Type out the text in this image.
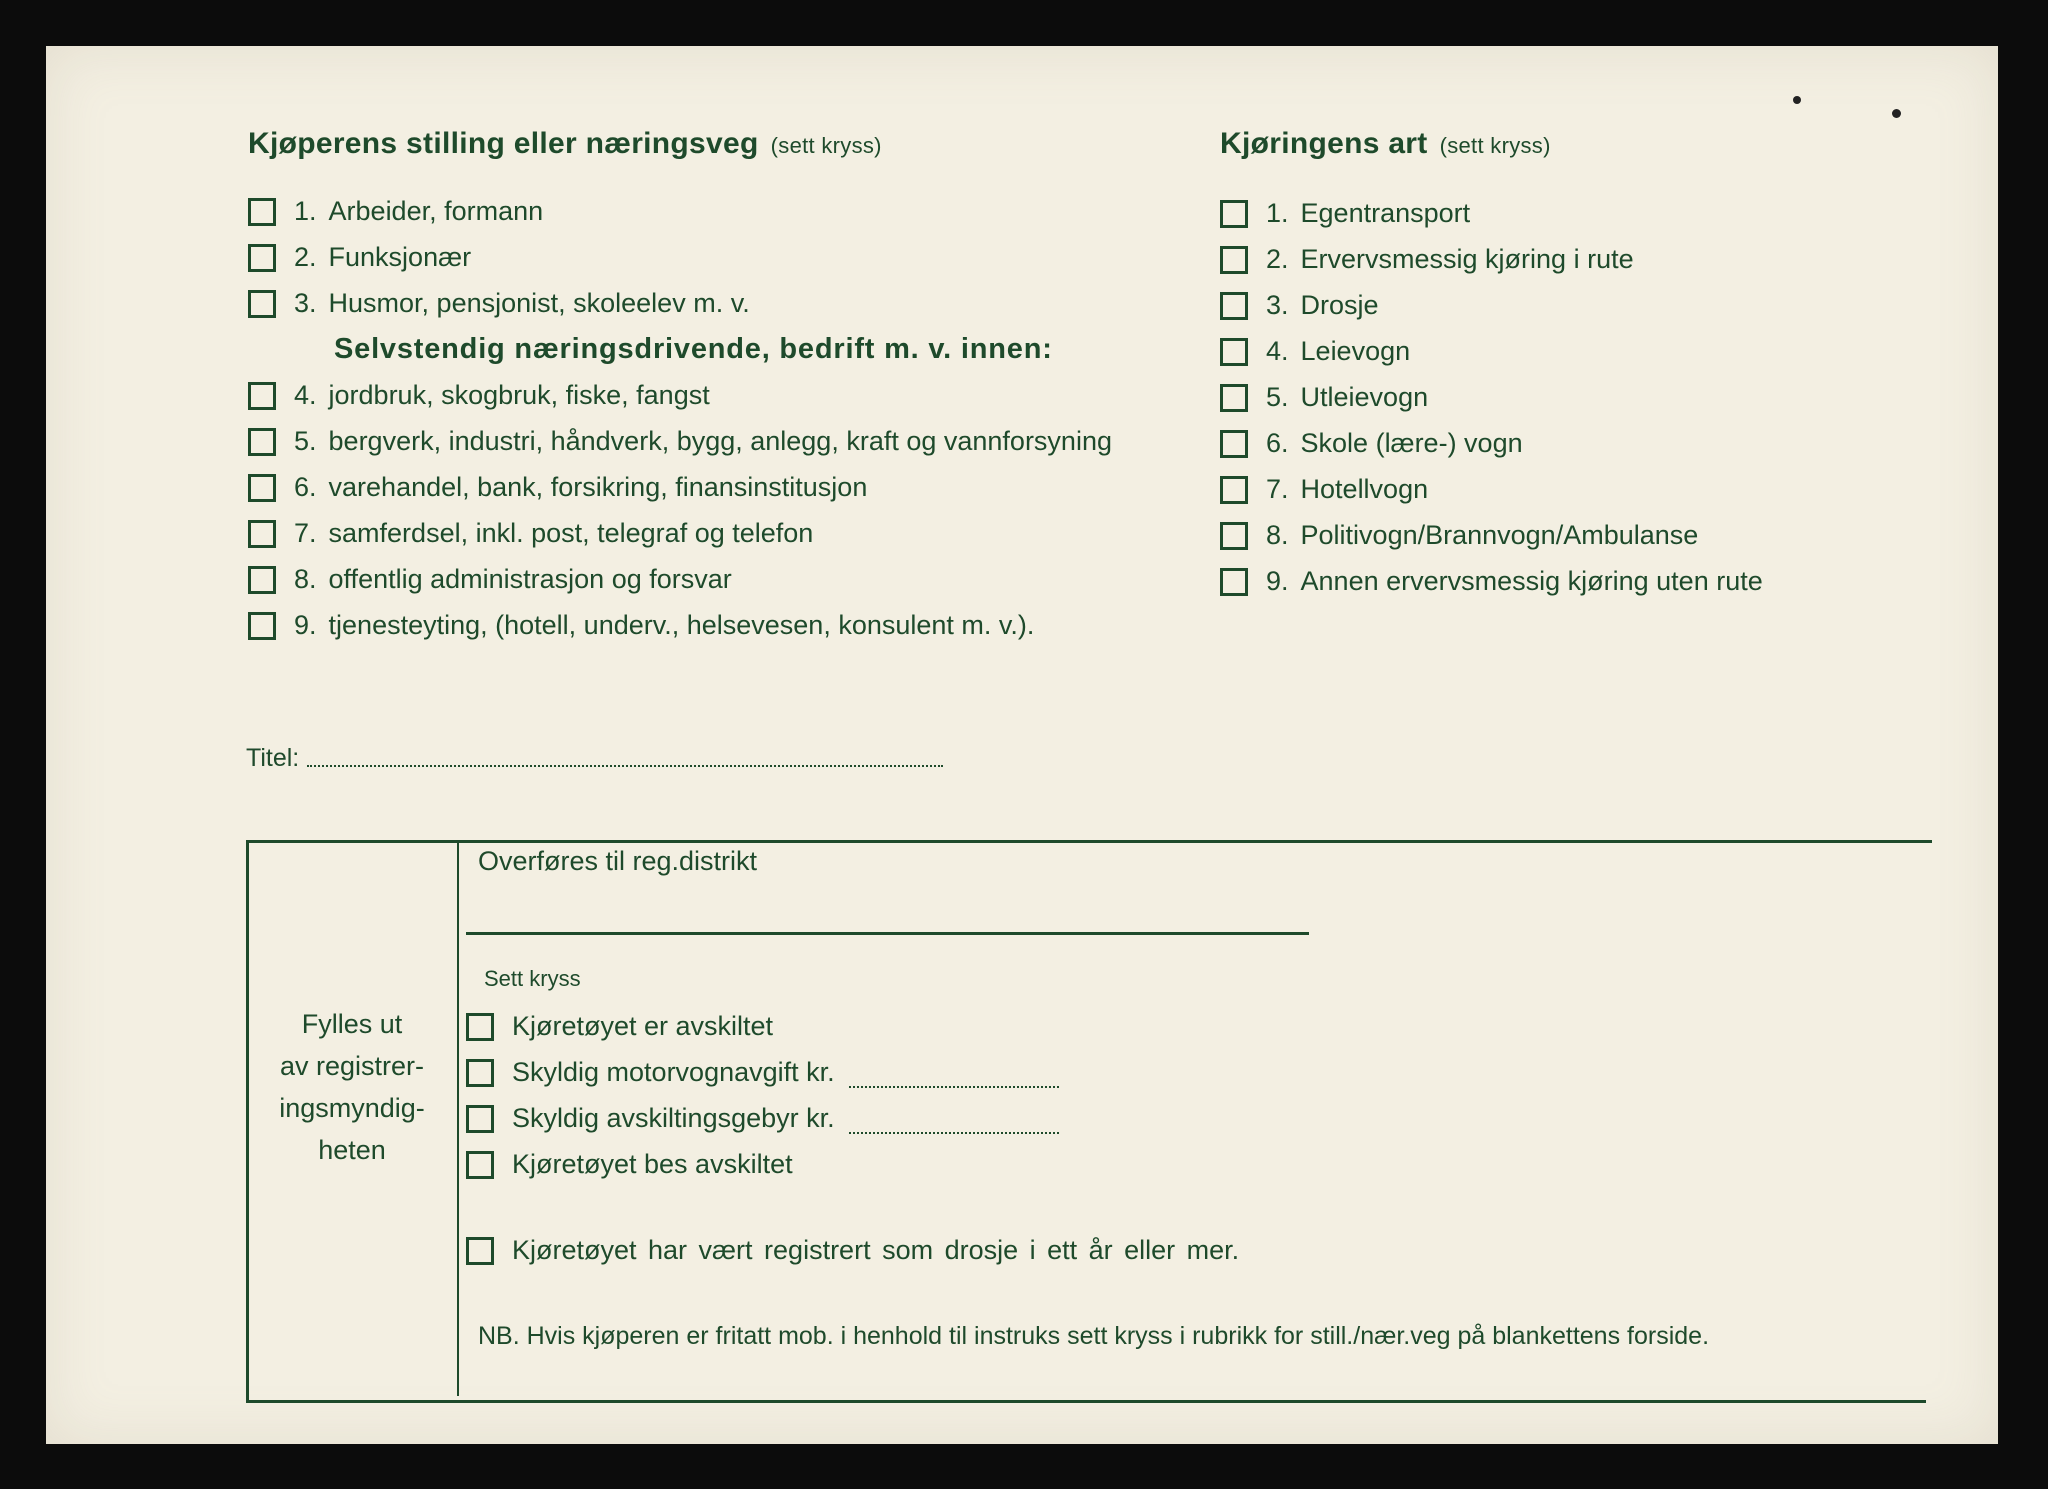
Kjøperens stilling eller næringsveg (sett kryss)
1. Arbeider, formann
2. Funksjonær
3. Husmor, pensjonist, skoleelev m. v.
Selvstendig næringsdrivende, bedrift m. v. innen:
4. jordbruk, skogbruk, fiske, fangst
5. bergverk, industri, håndverk, bygg, anlegg, kraft og vannforsyning
6. varehandel, bank, forsikring, finansinstitusjon
7. samferdsel, inkl. post, telegraf og telefon
8. offentlig administrasjon og forsvar
9. tjenesteyting, (hotell, underv., helsevesen, konsulent m. v.).
Kjøringens art (sett kryss)
1. Egentransport
2. Ervervsmessig kjøring i rute
3. Drosje
4. Leievogn
5. Utleievogn
6. Skole (lære-) vogn
7. Hotellvogn
8. Politivogn/Brannvogn/Ambulanse
9. Annen ervervsmessig kjøring uten rute
Titel:
Fylles ut
av registrer-
ingsmyndig-
heten
Overføres til reg.distrikt
Sett kryss
Kjøretøyet er avskiltet
Skyldig motorvognavgift kr.
Skyldig avskiltingsgebyr kr.
Kjøretøyet bes avskiltet
Kjøretøyet har vært registrert som drosje i ett år eller mer.
NB. Hvis kjøperen er fritatt mob. i henhold til instruks sett kryss i rubrikk for still./nær.veg på blankettens forside.
